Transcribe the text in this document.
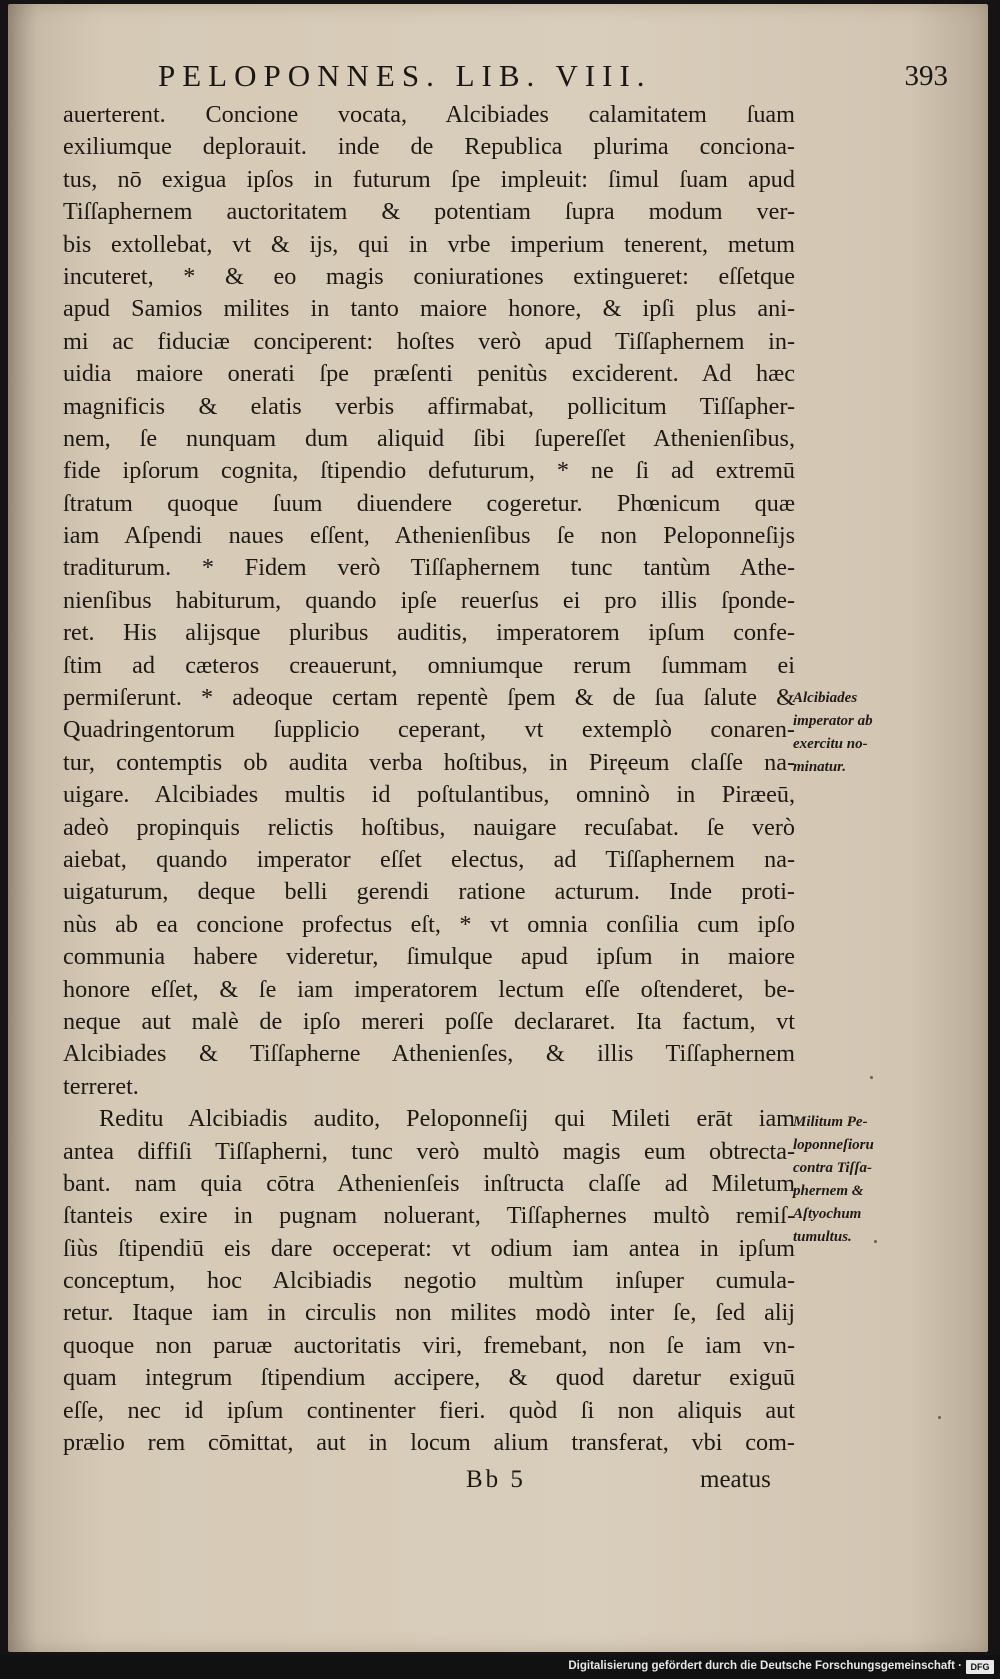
PELOPONNES. LIB. VIII.	393
auerterent. Concione vocata, Alcibiades calamitatem ſuam
exiliumque deplorauit. inde de Republica plurima concionа-
tus, nō exigua ipſos in futurum ſpe impleuit: ſimul ſuam apud
Tiſſaphernem auctoritatem & potentiam ſupra modum ver-
bis extollebat, vt & ijs, qui in vrbe imperium tenerent, metum
incuteret, * & eo magis coniurationes extingueret: eſſetque
apud Samios milites in tanto maiore honore, & ipſi plus ani-
mi ac fiduciæ conciperent: hoſtes verò apud Tiſſaphernem in-
uidia maiore onerati ſpe præſenti penitùs exciderent. Ad hæc
magnificis & elatis verbis affirmabat, pollicitum Tiſſapher-
nem, ſe nunquam dum aliquid ſibi ſupereſſet Athenienſibus,
fide ipſorum cognita, ſtipendio defuturum, * ne ſi ad extremū
ſtratum quoque ſuum diuendere cogeretur. Phœnicum quæ
iam Aſpendi naues eſſent, Athenienſibus ſe non Peloponneſijs
traditurum. * Fidem verò Tiſſaphernem tunc tantùm Athe-
nienſibus habiturum, quando ipſe reuerſus ei pro illis ſponde-
ret. His alijsque pluribus auditis, imperatorem ipſum confe-
ſtim ad cæteros creauerunt, omniumque rerum ſummam ei
permiſerunt. * adeoque certam repentè ſpem & de ſua ſalute &
Quadringentorum ſupplicio ceperant, vt extemplò conaren-
tur, contemptis ob audita verba hoſtibus, in Piręeum claſſe na-
uigare. Alcibiades multis id poſtulantibus, omninò in Piræeū,
adeò propinquis relictis hoſtibus, nauigare recuſabat. ſe verò
aiebat, quando imperator eſſet electus, ad Tiſſaphernem na-
uigaturum, deque belli gerendi ratione acturum. Inde proti-
nùs ab ea concione profectus eſt, * vt omnia conſilia cum ipſo
communia habere videretur, ſimulque apud ipſum in maiore
honore eſſet, & ſe iam imperatorem lectum eſſe oſtenderet, be-
neque aut malè de ipſo mereri poſſe declararet. Ita factum, vt
Alcibiades & Tiſſapherne Athenienſes, & illis Tiſſaphernem
terreret.
Reditu Alcibiadis audito, Peloponneſij qui Mileti erāt iam
antea diffiſi Tiſſapherni, tunc verò multò magis eum obtrecta-
bant. nam quia cōtra Athenienſeis inſtructa claſſe ad Miletum
ſtanteis exire in pugnam noluerant, Tiſſaphernes multò remiſ-
ſiùs ſtipendiū eis dare occeperat: vt odium iam antea in ipſum
conceptum, hoc Alcibiadis negotio multùm inſuper cumula-
retur. Itaque iam in circulis non milites modò inter ſe, ſed alij
quoque non paruæ auctoritatis viri, fremebant, non ſe iam vn-
quam integrum ſtipendium accipere, & quod daretur exiguū
eſſe, nec id ipſum continenter fieri. quòd ſi non aliquis aut
prælio rem cōmittat, aut in locum alium transferat, vbi com-
Alcibiades
imperator ab
exercitu no-
minatur.
Militum Pe-
loponneſioru
contra Tiſſa-
phernem &
Aſtyochum
tumultus.
Bb 5	meatus
Digitalisierung gefördert durch die Deutsche Forschungsgemeinschaft · DFG
